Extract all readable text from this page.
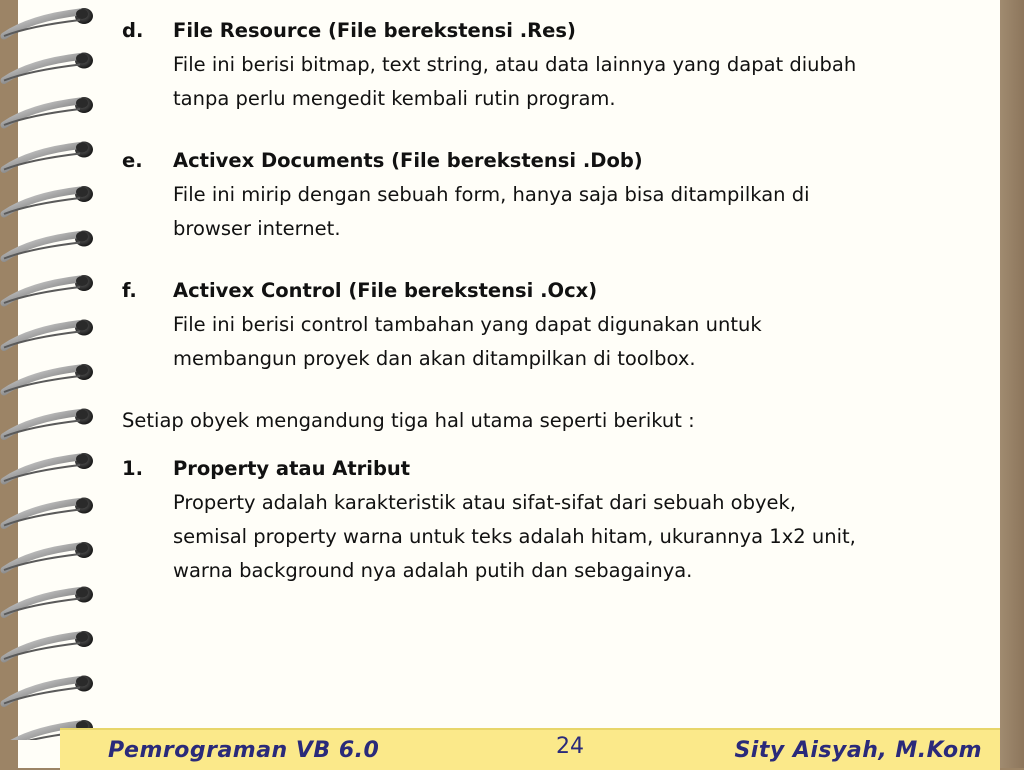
d.	File Resource (File berekstensi .Res)
File ini berisi bitmap, text string, atau data lainnya yang dapat diubah
tanpa perlu mengedit kembali rutin program.
e.	Activex Documents (File berekstensi .Dob)
File ini mirip dengan sebuah form, hanya saja bisa ditampilkan di
browser internet.
f.	Activex Control (File berekstensi .Ocx)
File ini berisi control tambahan yang dapat digunakan untuk
membangun proyek dan akan ditampilkan di toolbox.
Setiap obyek mengandung tiga hal utama seperti berikut :
1.	Property atau Atribut
Property adalah karakteristik atau sifat-sifat dari sebuah obyek,
semisal property warna untuk teks adalah hitam, ukurannya 1x2 unit,
warna background nya adalah putih dan sebagainya.
Pemrograman VB 6.0	24	Sity Aisyah, M.Kom
